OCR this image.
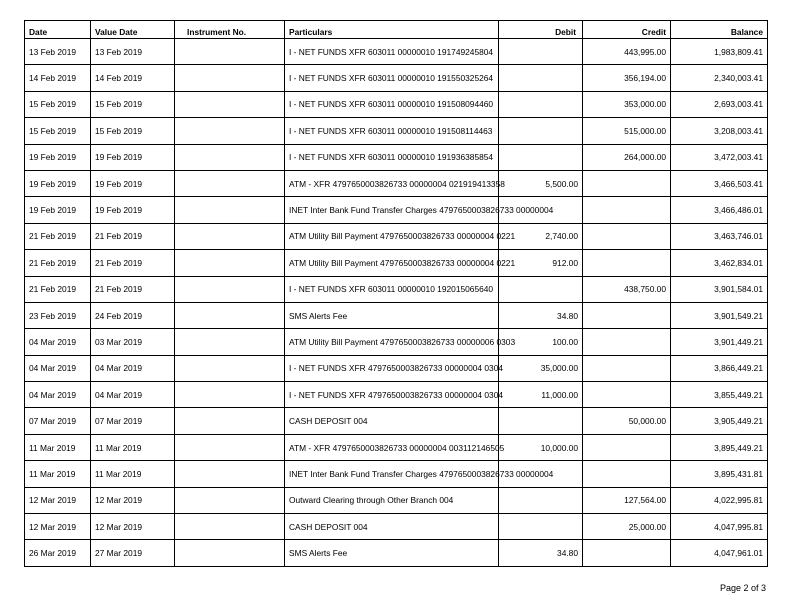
Date	Value Date	Instrument No.	Particulars	Debit	Credit	Balance
13 Feb 2019	13 Feb 2019		I - NET FUNDS XFR 603011 00000010 191749245804		443,995.00	1,983,809.41
14 Feb 2019	14 Feb 2019		I - NET FUNDS XFR 603011 00000010 191550325264		356,194.00	2,340,003.41
15 Feb 2019	15 Feb 2019		I - NET FUNDS XFR 603011 00000010 191508094460		353,000.00	2,693,003.41
15 Feb 2019	15 Feb 2019		I - NET FUNDS XFR 603011 00000010 191508114463		515,000.00	3,208,003.41
19 Feb 2019	19 Feb 2019		I - NET FUNDS XFR 603011 00000010 191936385854		264,000.00	3,472,003.41
19 Feb 2019	19 Feb 2019		ATM - XFR 4797650003826733 00000004 021919413358	5,500.00		3,466,503.41
19 Feb 2019	19 Feb 2019		INET Inter Bank Fund Transfer Charges 4797650003826733 00000004			3,466,486.01
21 Feb 2019	21 Feb 2019		ATM Utility Bill Payment 4797650003826733 00000004 0221	2,740.00		3,463,746.01
21 Feb 2019	21 Feb 2019		ATM Utility Bill Payment 4797650003826733 00000004 0221	912.00		3,462,834.01
21 Feb 2019	21 Feb 2019		I - NET FUNDS XFR 603011 00000010 192015065640		438,750.00	3,901,584.01
23 Feb 2019	24 Feb 2019		SMS Alerts Fee	34.80		3,901,549.21
04 Mar 2019	03 Mar 2019		ATM Utility Bill Payment 4797650003826733 00000006 0303	100.00		3,901,449.21
04 Mar 2019	04 Mar 2019		I - NET FUNDS XFR 4797650003826733 00000004 0304	35,000.00		3,866,449.21
04 Mar 2019	04 Mar 2019		I - NET FUNDS XFR 4797650003826733 00000004 0304	11,000.00		3,855,449.21
07 Mar 2019	07 Mar 2019		CASH DEPOSIT 004		50,000.00	3,905,449.21
11 Mar 2019	11 Mar 2019		ATM - XFR 4797650003826733 00000004 003112146505	10,000.00		3,895,449.21
11 Mar 2019	11 Mar 2019		INET Inter Bank Fund Transfer Charges 4797650003826733 00000004			3,895,431.81
12 Mar 2019	12 Mar 2019		Outward Clearing through Other Branch 004		127,564.00	4,022,995.81
12 Mar 2019	12 Mar 2019		CASH DEPOSIT 004		25,000.00	4,047,995.81
26 Mar 2019	27 Mar 2019		SMS Alerts Fee	34.80		4,047,961.01
Page 2 of 3
